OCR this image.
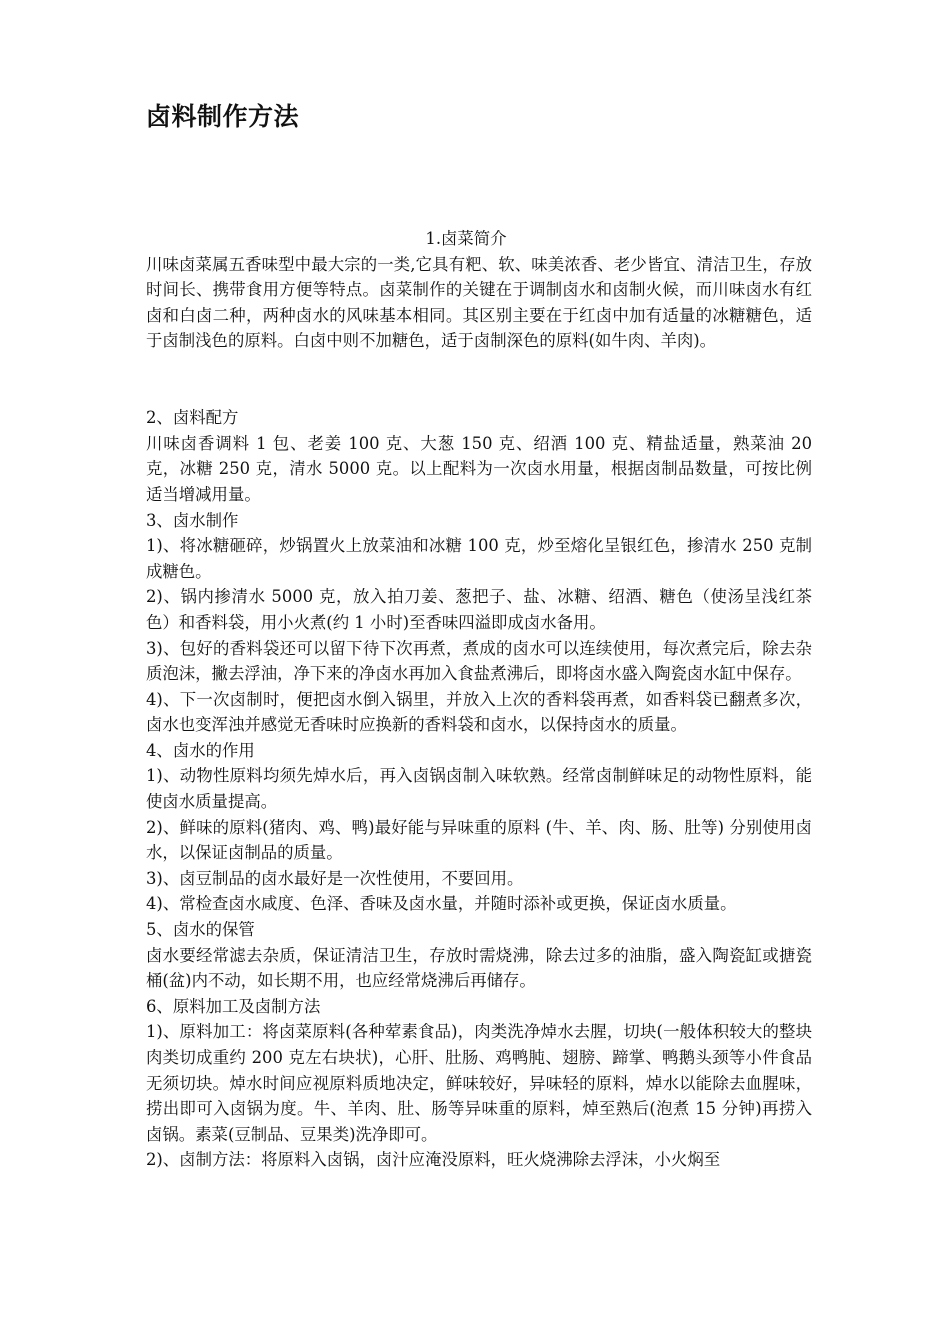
卤料制作方法

1.卤菜简介

川味卤菜属五香味型中最大宗的一类,它具有粑、软、味美浓香、老少皆宜、清洁卫生，存放时间长、携带食用方便等特点。卤菜制作的关键在于调制卤水和卤制火候，而川味卤水有红卤和白卤二种，两种卤水的风味基本相同。其区别主要在于红卤中加有适量的冰糖糖色，适于卤制浅色的原料。白卤中则不加糖色，适于卤制深色的原料(如牛肉、羊肉)。

2、卤料配方

川味卤香调料 1 包、老姜 100 克、大葱 150 克、绍酒 100 克、精盐适量，熟菜油 20 克，冰糖 250 克，清水 5000 克。以上配料为一次卤水用量，根据卤制品数量，可按比例适当增减用量。

3、卤水制作

1)、将冰糖砸碎，炒锅置火上放菜油和冰糖 100 克，炒至熔化呈银红色，掺清水 250 克制成糖色。

2)、锅内掺清水 5000 克，放入拍刀姜、葱把子、盐、冰糖、绍酒、糖色（使汤呈浅红茶色）和香料袋，用小火煮(约 1 小时)至香味四溢即成卤水备用。

3)、包好的香料袋还可以留下待下次再煮，煮成的卤水可以连续使用，每次煮完后，除去杂质泡沫，撇去浮油，净下来的净卤水再加入食盐煮沸后，即将卤水盛入陶瓷卤水缸中保存。

4)、下一次卤制时，便把卤水倒入锅里，并放入上次的香料袋再煮，如香料袋已翻煮多次，卤水也变浑浊并感觉无香味时应换新的香料袋和卤水，以保持卤水的质量。

4、卤水的作用

1)、动物性原料均须先焯水后，再入卤锅卤制入味软熟。经常卤制鲜味足的动物性原料，能使卤水质量提高。

2)、鲜味的原料(猪肉、鸡、鸭)最好能与异味重的原料 (牛、羊、肉、肠、肚等) 分别使用卤水，以保证卤制品的质量。

3)、卤豆制品的卤水最好是一次性使用，不要回用。

4)、常检查卤水咸度、色泽、香味及卤水量，并随时添补或更换，保证卤水质量。

5、卤水的保管

卤水要经常滤去杂质，保证清洁卫生，存放时需烧沸，除去过多的油脂，盛入陶瓷缸或搪瓷桶(盆)内不动，如长期不用，也应经常烧沸后再储存。

6、原料加工及卤制方法

1)、原料加工：将卤菜原料(各种荤素食品)，肉类洗净焯水去腥，切块(一般体积较大的整块肉类切成重约 200 克左右块状)，心肝、肚肠、鸡鸭肫、翅膀、蹄掌、鸭鹅头颈等小件食品无须切块。焯水时间应视原料质地决定，鲜味较好，异味轻的原料，焯水以能除去血腥味，捞出即可入卤锅为度。牛、羊肉、肚、肠等异味重的原料，焯至熟后(泡煮 15 分钟)再捞入卤锅。素菜(豆制品、豆果类)洗净即可。

2)、卤制方法：将原料入卤锅，卤汁应淹没原料，旺火烧沸除去浮沫，小火焖至
